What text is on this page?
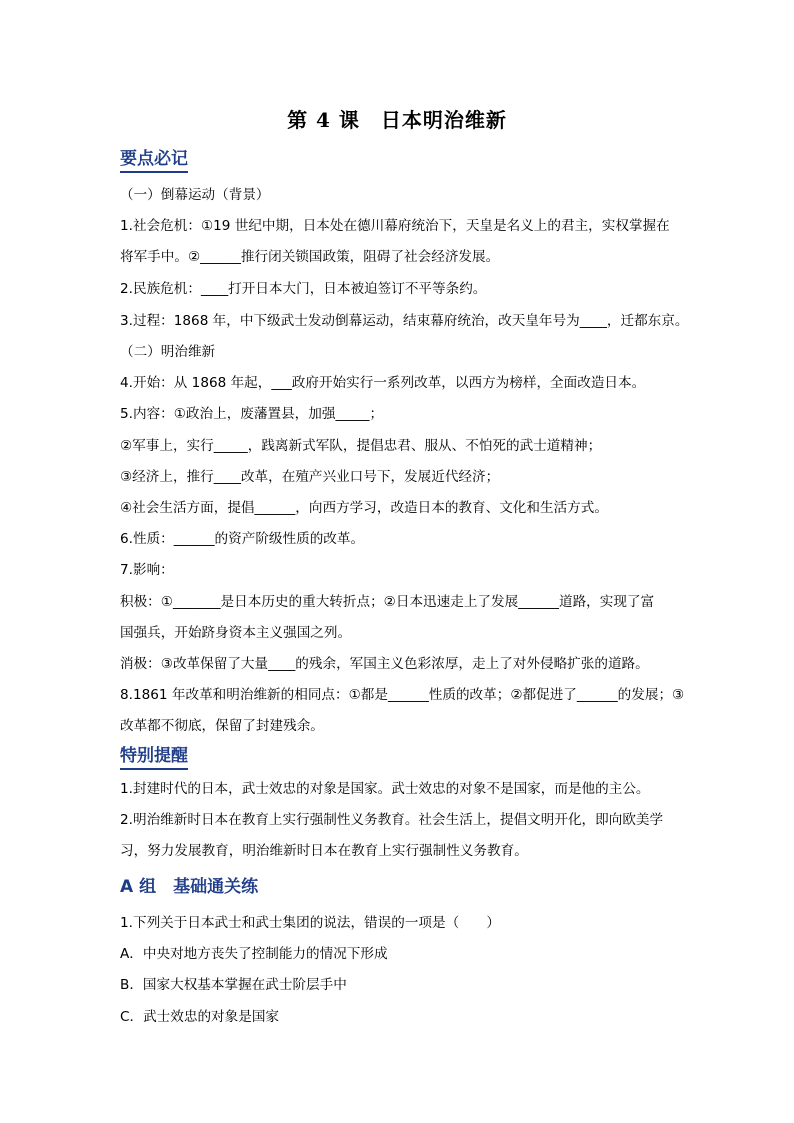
第 4 课　日本明治维新
要点必记
（一）倒幕运动（背景）
1.社会危机：①19 世纪中期，日本处在德川幕府统治下，天皇是名义上的君主，实权掌握在
将军手中。②______推行闭关锁国政策，阻碍了社会经济发展。
2.民族危机：____打开日本大门，日本被迫签订不平等条约。
3.过程：1868 年，中下级武士发动倒幕运动，结束幕府统治，改天皇年号为____，迁都东京。
（二）明治维新
4.开始：从 1868 年起，___政府开始实行一系列改革，以西方为榜样，全面改造日本。
5.内容：①政治上，废藩置县，加强_____；
②军事上，实行_____，践离新式军队，提倡忠君、服从、不怕死的武士道精神；
③经济上，推行____改革，在殖产兴业口号下，发展近代经济；
④社会生活方面，提倡______，向西方学习，改造日本的教育、文化和生活方式。
6.性质：______的资产阶级性质的改革。
7.影响：
积极：①_______是日本历史的重大转折点；②日本迅速走上了发展______道路，实现了富
国强兵，开始跻身资本主义强国之列。
消极：③改革保留了大量____的残余，军国主义色彩浓厚，走上了对外侵略扩张的道路。
8.1861 年改革和明治维新的相同点：①都是______性质的改革；②都促进了______的发展；③
改革都不彻底，保留了封建残余。
特别提醒
1.封建时代的日本，武士效忠的对象是国家。武士效忠的对象不是国家，而是他的主公。
2.明治维新时日本在教育上实行强制性义务教育。社会生活上，提倡文明开化，即向欧美学
习，努力发展教育，明治维新时日本在教育上实行强制性义务教育。
A 组　基础通关练
1.下列关于日本武士和武士集团的说法，错误的一项是（　　）
A．中央对地方丧失了控制能力的情况下形成
B．国家大权基本掌握在武士阶层手中
C．武士效忠的对象是国家
